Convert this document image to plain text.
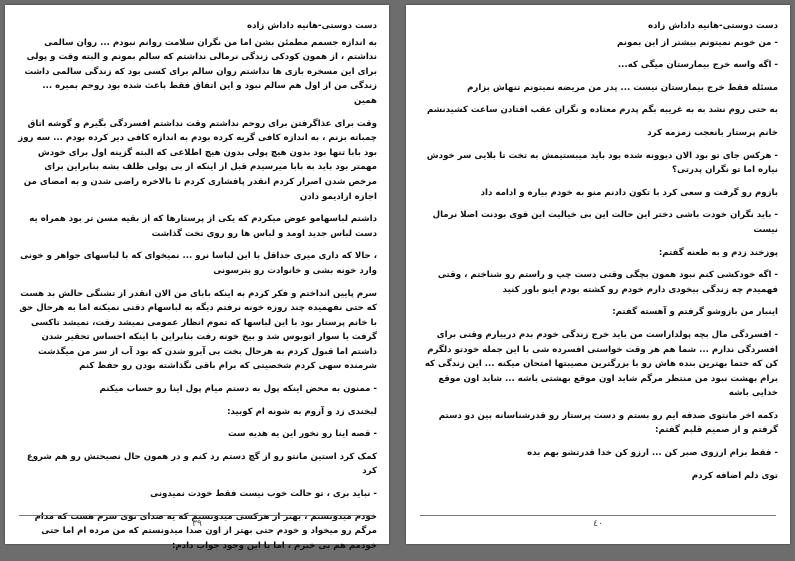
دست دوستی-هانیه داداش زاده

به اندازه جسمم مطمئن بشن اما من نگران سلامت روانم نبودم ... روان سالمی نداشتم ، از همون کودکی زندگی نرمالی نداشتم که سالم بمونم و البته وقت و پولی برای این مسخره بازی ها نداشتم روان سالم برای کسی بود که زندگی سالمی داشت زندگی من از اول هم سالم نبود و این اتفاق فقط باعث شده بود روحم بمیره ... همین

وقت برای عذاگرفتن برای روحم نداشتم وقت نداشتم افسردگی بگیرم و گوشه اتاق چمباته بزنم ، به اندازه کافی گریه کرده بودم به اندازه کافی دیر کرده بودم ... سه روز بود بابا تنها بود بدون هیچ پولی بدون هیچ اطلاعی که البته گزینه اول برای خودش مهمتر بود باید به بابا میرسیدم قبل از اینکه از بی پولی طلف بشه بنابراین برای مرخص شدن اصرار کردم انقدر پافشاری کردم تا بالاخره راضی شدن و به امضای من اجازه ازادیمو دادن

داشتم لباسهامو عوض میکردم که یکی از پرستارها که از بقیه مسن تر بود همراه یه دست لباس جدید اومد و لباس ها رو روی تخت گذاشت

، حالا که داری میری حداقل با این لباسا نرو ... نمیخوای که با لباسهای جواهر و خونی وارد خونه بشی و خانوادت رو بترسونی

سرم پایین انداختم و فکر کردم به اینکه بابای من الان انقدر از تشنگی حالش بد هست که حتی نفهمیده چند روزه خونه نرفتم دیگه به لباسهام دقتی نمیکنه اما به هرحال حق با خانم پرستار بود با این لباسها که تموم انظار عمومی نمیشد رفت، نمیشد تاکسی گرفت یا سوار اتوبوس شد و بیخ خونه رفت بنابراین با اینکه احساس تحقیر شدن داشتم اما قبول کردم به هرحال بخت بی آبرو شدن که بود آب از سر من میگذشت شرمنده سهی کردم شخصیتی که برام باقی نگذاشته بودن رو حفظ کنم

- ممنون به محض اینکه پول به دستم میام پول اینا رو حساب میکنم

لبخندی زد و آروم به شونه ام کوبید:

- قصه اینا رو نخور این یه هدیه ست

کمک کرد استین مانتو رو از گچ دستم رد کنم و در همون حال نصیحتش رو هم شروع کرد

- نباید بری ، تو حالت خوب نیست فقط خودت نمیدونی

خودم میدونستم ، بهتر از هرکسی میدونستم که یه صدای توی سرم هست که مدام مرگم رو میخواد و خودم حتی بهتر از اون صدا میدونستم که من مرده ام اما حتی خودمم هم بی خبرم ، اما با این وجود جواب دادم:

٣٩

دست دوستی-هانیه داداش زاده

- من خوبم نمیتونم بیشتر از این بمونم

- اگه واسه خرج بیمارستان میگی که...

مسئله فقط خرج بیمارستان نیست ... پدر من مریضه نمیتونم تنهاش بزارم

به حتی روم نشد به به غریبه بگم پدرم معتاده و نگران عقب افتادن ساعت کشیدنشم

خانم پرستار بانعجب زمزمه کرد

- هرکس جای تو بود الان دیوونه شده بود باید میبستیمش به تخت تا بلایی سر خودش نیاره اما تو نگران پدرتی؟

بازوم رو گرفت و سعی کرد با تکون دادنم منو به خودم بیاره و ادامه داد

- باید نگران خودت باشی دختر این حالت این بی خیالیت این قوی بودنت اصلا نرمال نیست

پوزخند زدم و به طعنه گفتم:

- اگه خودکشی کنم نبود همون بچگی وقتی دست چپ و راستم رو شناختم ، وقتی فهمیدم چه زندگی بیخودی دارم خودم رو کشته بودم اینو باور کنید

اینبار من بازوشو گرفتم و آهسته گفتم:

- افسردگی مال بچه پولداراست من باید خرج زندگی خودم بدم دربیارم وقتی برای افسردگی ندارم ... شما هم هر وقت خواستی افسرده شی با این جمله خودتو دلگرم کن که حتما بهترین بنده هاش رو با بزرگترین مصیبتها امتحان میکنه ... این زندگی که برام بهشت نبود من منتظر مرگم شاید اون موقع بهشتی باشه ... شاید اون موقع خدایی باشه

دکمه اخر مانتوی صدفه ایم رو بستم و دست پرستار رو قدرشناسانه بین دو دستم گرفتم و از صمیم قلبم گفتم:

- فقط برام ارزوی صبر کن ... ارزو کن خدا قدرتشو بهم بده

توی دلم اضافه کردم

٤٠
